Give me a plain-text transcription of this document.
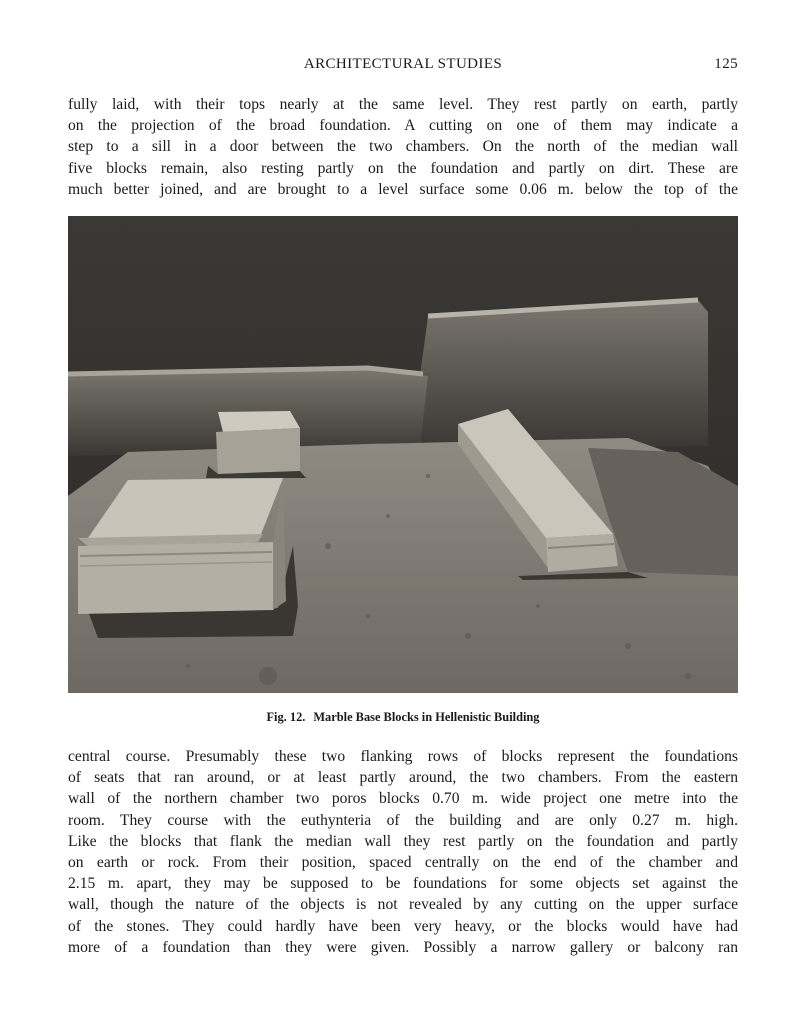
ARCHITECTURAL STUDIES	125
fully laid, with their tops nearly at the same level. They rest partly on earth, partly
on the projection of the broad foundation. A cutting on one of them may indicate a
step to a sill in a door between the two chambers. On the north of the median wall
five blocks remain, also resting partly on the foundation and partly on dirt. These are
much better joined, and are brought to a level surface some 0.06 m. below the top of the
Fig. 12. Marble Base Blocks in Hellenistic Building
central course. Presumably these two flanking rows of blocks represent the foundations
of seats that ran around, or at least partly around, the two chambers. From the eastern
wall of the northern chamber two poros blocks 0.70 m. wide project one metre into the
room. They course with the euthynteria of the building and are only 0.27 m. high.
Like the blocks that flank the median wall they rest partly on the foundation and partly
on earth or rock. From their position, spaced centrally on the end of the chamber and
2.15 m. apart, they may be supposed to be foundations for some objects set against the
wall, though the nature of the objects is not revealed by any cutting on the upper surface
of the stones. They could hardly have been very heavy, or the blocks would have had
more of a foundation than they were given. Possibly a narrow gallery or balcony ran
